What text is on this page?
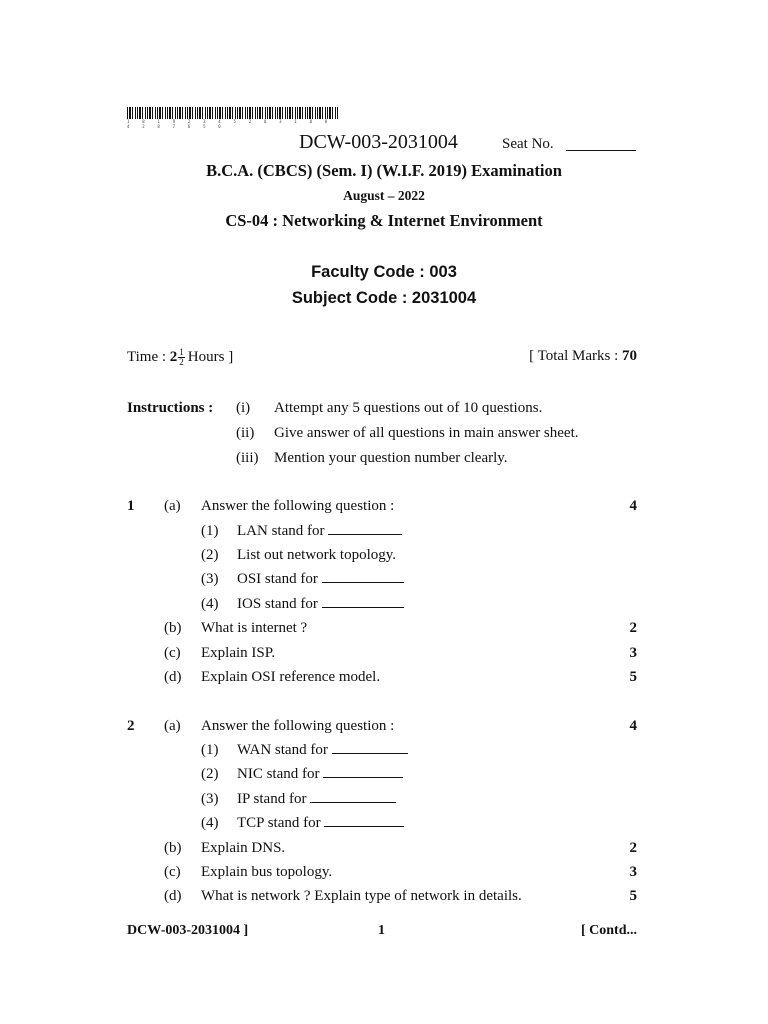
1 8 1 9 2 3 4 5 2 0 3 1 0 0 4 2 8 7 6 5 0
DCW-003-2031004	Seat No.
B.C.A. (CBCS) (Sem. I) (W.I.F. 2019) Examination
August – 2022
CS-04 : Networking & Internet Environment
Faculty Code : 003
Subject Code : 2031004
Time : $2 \frac{1}{2}$ Hours ]	[ Total Marks : 70
Instructions : (i) Attempt any 5 questions out of 10 questions.
(ii) Give answer of all questions in main answer sheet.
(iii) Mention your question number clearly.
1 (a) Answer the following question :	4
(1) LAN stand for
(2) List out network topology.
(3) OSI stand for
(4) IOS stand for
(b) What is internet ?	2
(c) Explain ISP.	3
(d) Explain OSI reference model.	5
2 (a) Answer the following question :	4
(1) WAN stand for
(2) NIC stand for
(3) IP stand for
(4) TCP stand for
(b) Explain DNS.	2
(c) Explain bus topology.	3
(d) What is network ? Explain type of network in details.	5
DCW-003-2031004 ]	1	[ Contd...
